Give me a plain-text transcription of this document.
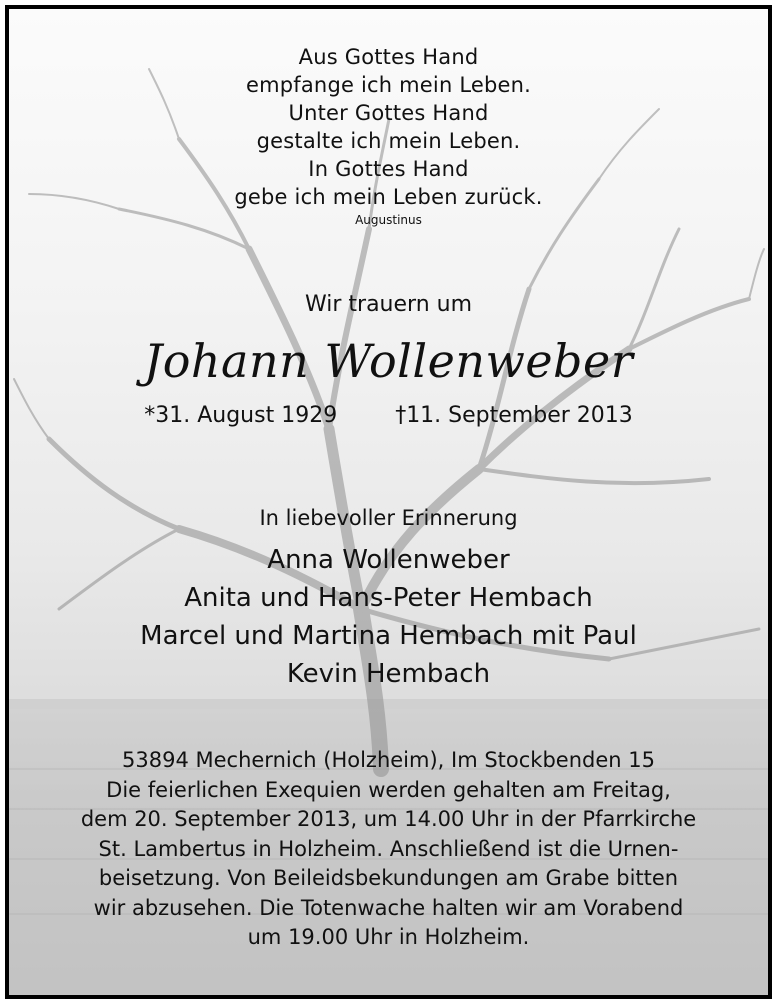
Aus Gottes Hand
empfange ich mein Leben.
Unter Gottes Hand
gestalte ich mein Leben.
In Gottes Hand
gebe ich mein Leben zurück.
Augustinus
Wir trauern um
Johann Wollenweber
*31. August 1929	†11. September 2013
In liebevoller Erinnerung
Anna Wollenweber
Anita und Hans-Peter Hembach
Marcel und Martina Hembach mit Paul
Kevin Hembach
53894 Mechernich (Holzheim), Im Stockbenden 15
Die feierlichen Exequien werden gehalten am Freitag,
dem 20. September 2013, um 14.00 Uhr in der Pfarrkirche
St. Lambertus in Holzheim. Anschließend ist die Urnen-
beisetzung. Von Beileidsbekundungen am Grabe bitten
wir abzusehen. Die Totenwache halten wir am Vorabend
um 19.00 Uhr in Holzheim.
